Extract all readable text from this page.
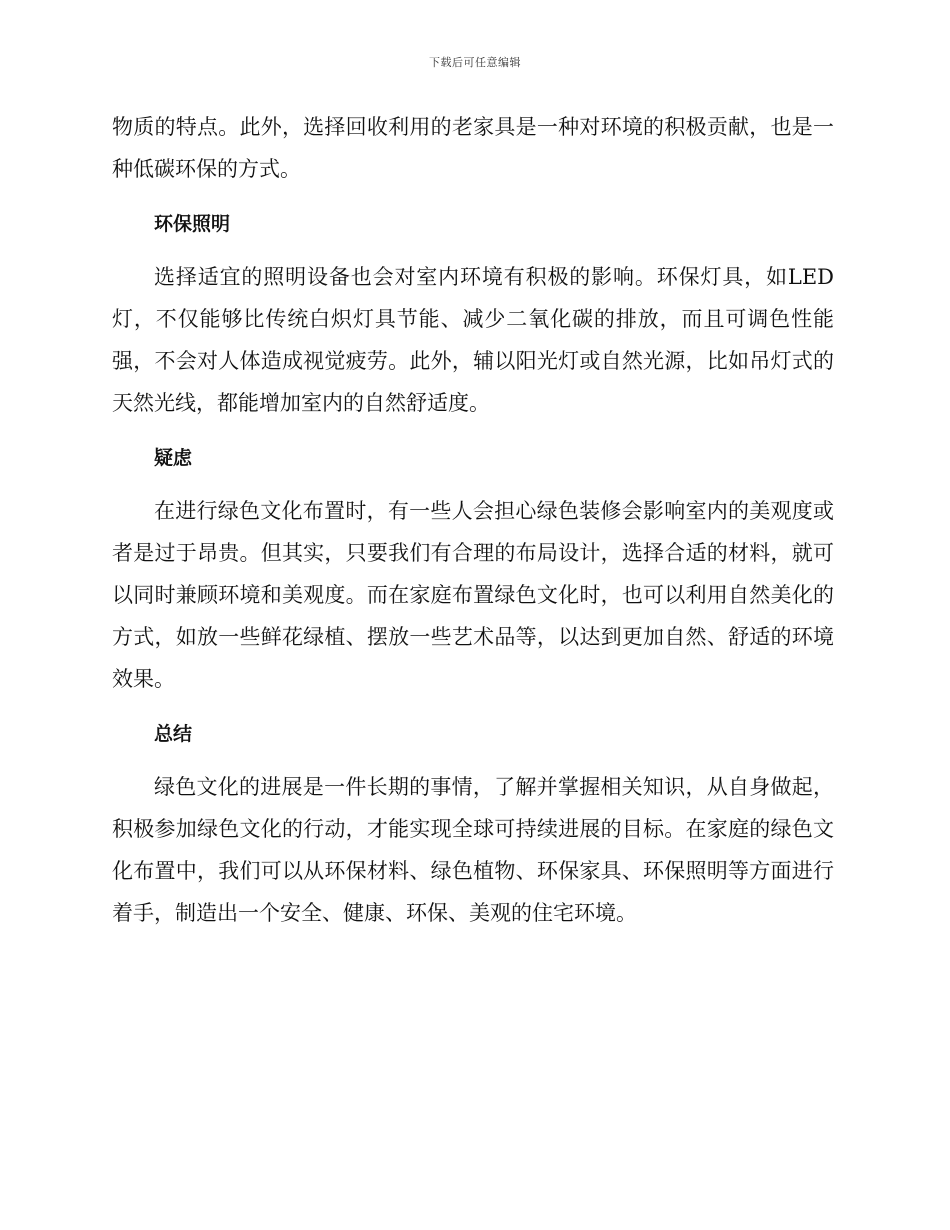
下载后可任意编辑

物质的特点。此外，选择回收利用的老家具是一种对环境的积极贡献，也是一种低碳环保的方式。

环保照明

选择适宜的照明设备也会对室内环境有积极的影响。环保灯具，如LED灯，不仅能够比传统白炽灯具节能、减少二氧化碳的排放，而且可调色性能强，不会对人体造成视觉疲劳。此外，辅以阳光灯或自然光源，比如吊灯式的天然光线，都能增加室内的自然舒适度。

疑虑

在进行绿色文化布置时，有一些人会担心绿色装修会影响室内的美观度或者是过于昂贵。但其实，只要我们有合理的布局设计，选择合适的材料，就可以同时兼顾环境和美观度。而在家庭布置绿色文化时，也可以利用自然美化的方式，如放一些鲜花绿植、摆放一些艺术品等，以达到更加自然、舒适的环境效果。

总结

绿色文化的进展是一件长期的事情，了解并掌握相关知识，从自身做起，积极参加绿色文化的行动，才能实现全球可持续进展的目标。在家庭的绿色文化布置中，我们可以从环保材料、绿色植物、环保家具、环保照明等方面进行着手，制造出一个安全、健康、环保、美观的住宅环境。
